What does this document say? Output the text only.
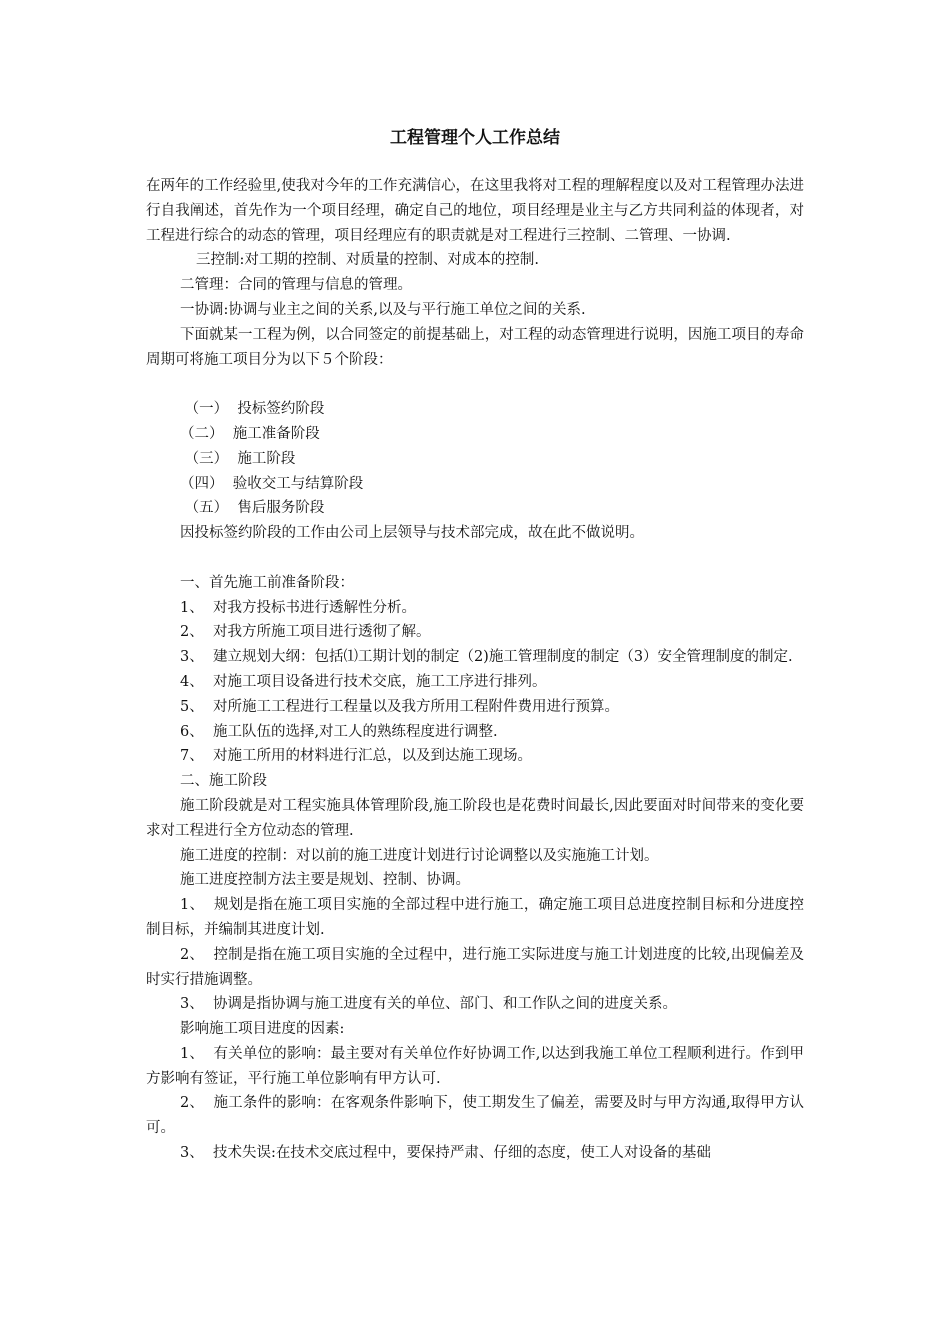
工程管理个人工作总结

在两年的工作经验里,使我对今年的工作充满信心，在这里我将对工程的理解程度以及对工程管理办法进行自我阐述，首先作为一个项目经理，确定自己的地位，项目经理是业主与乙方共同利益的体现者，对工程进行综合的动态的管理，项目经理应有的职责就是对工程进行三控制、二管理、一协调.

三控制:对工期的控制、对质量的控制、对成本的控制.

二管理：合同的管理与信息的管理。

一协调:协调与业主之间的关系,以及与平行施工单位之间的关系.

下面就某一工程为例，以合同签定的前提基础上，对工程的动态管理进行说明，因施工项目的寿命周期可将施工项目分为以下５个阶段：

（一）  投标签约阶段

（二）  施工准备阶段

（三）  施工阶段

（四）  验收交工与结算阶段

（五）  售后服务阶段

因投标签约阶段的工作由公司上层领导与技术部完成，故在此不做说明。

一、首先施工前准备阶段：

1、  对我方投标书进行透解性分析。

2、  对我方所施工项目进行透彻了解。

3、  建立规划大纲：包括⑴工期计划的制定（2)施工管理制度的制定（3）安全管理制度的制定.

4、  对施工项目设备进行技术交底，施工工序进行排列。

5、  对所施工工程进行工程量以及我方所用工程附件费用进行预算。

6、  施工队伍的选择,对工人的熟练程度进行调整.

7、  对施工所用的材料进行汇总，以及到达施工现场。

二、施工阶段

施工阶段就是对工程实施具体管理阶段,施工阶段也是花费时间最长,因此要面对时间带来的变化要求对工程进行全方位动态的管理.

施工进度的控制：对以前的施工进度计划进行讨论调整以及实施施工计划。

施工进度控制方法主要是规划、控制、协调。

1、  规划是指在施工项目实施的全部过程中进行施工，确定施工项目总进度控制目标和分进度控制目标，并编制其进度计划.

2、  控制是指在施工项目实施的全过程中，进行施工实际进度与施工计划进度的比较,出现偏差及时实行措施调整。

3、  协调是指协调与施工进度有关的单位、部门、和工作队之间的进度关系。

影响施工项目进度的因素:

1、  有关单位的影响：最主要对有关单位作好协调工作,以达到我施工单位工程顺利进行。作到甲方影响有签证，平行施工单位影响有甲方认可.

2、  施工条件的影响：在客观条件影响下，使工期发生了偏差，需要及时与甲方沟通,取得甲方认可。

3、  技术失误:在技术交底过程中，要保持严肃、仔细的态度，使工人对设备的基础
